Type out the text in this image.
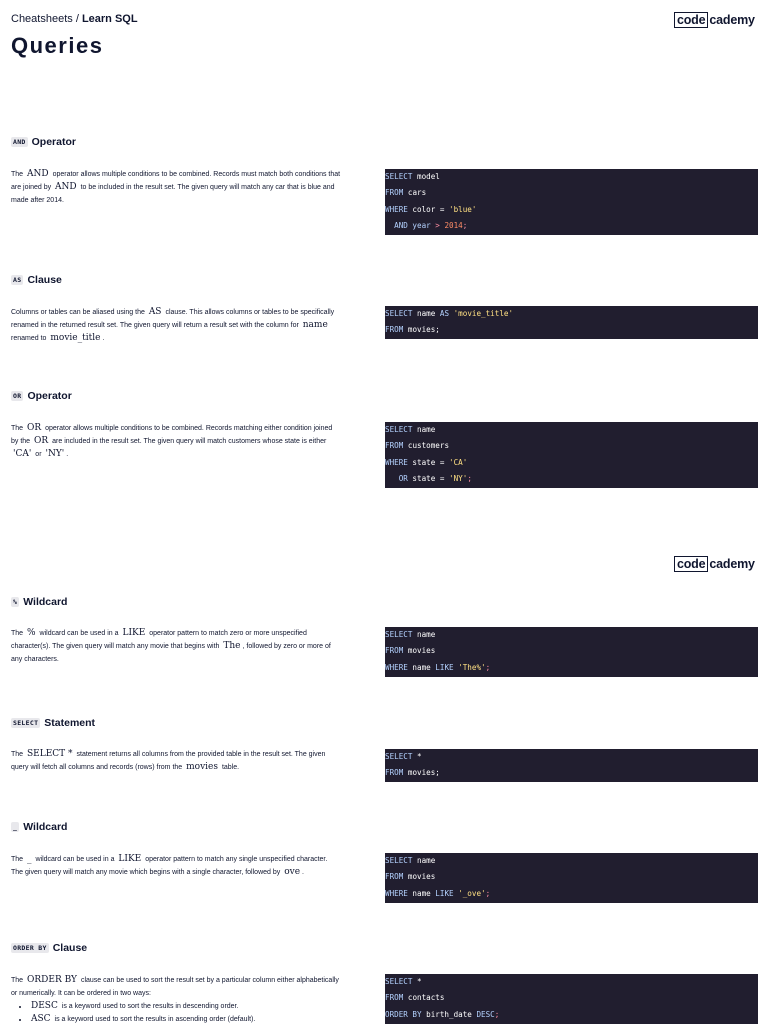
Cheatsheets / Learn SQL
Queries
code cademy
AND Operator
The AND operator allows multiple conditions to be combined. Records must match both conditions that are joined by AND to be included in the result set. The given query will match any car that is blue and made after 2014.
SELECT model
FROM cars
WHERE color = 'blue'
AND year > 2014;
AS Clause
Columns or tables can be aliased using the AS clause. This allows columns or tables to be specifically renamed in the returned result set. The given query will return a result set with the column for name renamed to movie_title .
SELECT name AS 'movie_title'
FROM movies;
OR Operator
The OR operator allows multiple conditions to be combined. Records matching either condition joined by the OR are included in the result set. The given query will match customers whose state is either 'CA' or 'NY' .
SELECT name
FROM customers
WHERE state = 'CA'
OR state = 'NY';
code cademy
% Wildcard
The % wildcard can be used in a LIKE operator pattern to match zero or more unspecified character(s). The given query will match any movie that begins with The , followed by zero or more of any characters.
SELECT name
FROM movies
WHERE name LIKE 'The%';
SELECT Statement
The SELECT * statement returns all columns from the provided table in the result set. The given query will fetch all columns and records (rows) from the movies table.
SELECT *
FROM movies;
_ Wildcard
The _ wildcard can be used in a LIKE operator pattern to match any single unspecified character. The given query will match any movie which begins with a single character, followed by ove .
SELECT name
FROM movies
WHERE name LIKE '_ove';
ORDER BY Clause
The ORDER BY clause can be used to sort the result set by a particular column either alphabetically or numerically. It can be ordered in two ways:
• DESC is a keyword used to sort the results in descending order.
• ASC is a keyword used to sort the results in ascending order (default).
SELECT *
FROM contacts
ORDER BY birth_date DESC;
